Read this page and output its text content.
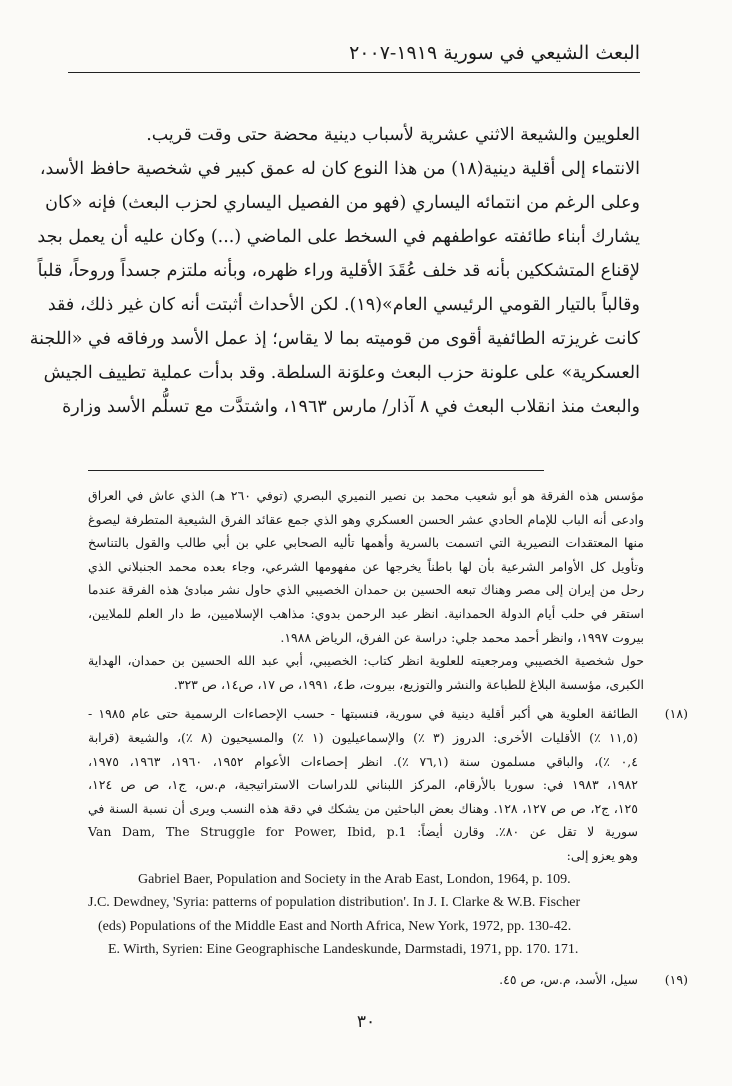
البعث الشيعي في سورية ١٩١٩-٢٠٠٧

العلويين والشيعة الاثني عشرية لأسباب دينية محضة حتى وقت قريب.

الانتماء إلى أقلية دينية(١٨) من هذا النوع كان له عمق كبير في شخصية حافظ الأسد،

وعلى الرغم من انتمائه اليساري (فهو من الفصيل اليساري لحزب البعث) فإنه «كان

يشارك أبناء طائفته عواطفهم في السخط على الماضي (...) وكان عليه أن يعمل بجد

لإقناع المتشككين بأنه قد خلف عُقَدَ الأقلية وراء ظهره، وبأنه ملتزم جسداً وروحاً، قلباً

وقالباً بالتيار القومي الرئيسي العام»(١٩). لكن الأحداث أثبتت أنه كان غير ذلك، فقد

كانت غريزته الطائفية أقوى من قوميته بما لا يقاس؛ إذ عمل الأسد ورفاقه في «اللجنة

العسكرية» على علونة حزب البعث وعلوَنة السلطة. وقد بدأت عملية تطييف الجيش

والبعث منذ انقلاب البعث في ٨ آذار/ مارس ١٩٦٣، واشتدَّت مع تسلُّم الأسد وزارة

مؤسس هذه الفرقة هو أبو شعيب محمد بن نصير النميري البصري (توفي ٢٦٠ هـ) الذي عاش في العراق

وادعى أنه الباب للإمام الحادي عشر الحسن العسكري وهو الذي جمع عقائد الفرق الشيعية المتطرفة ليصوغ

منها المعتقدات النصيرية التي اتسمت بالسرية وأهمها تأليه الصحابي علي بن أبي طالب والقول بالتناسخ

وتأويل كل الأوامر الشرعية بأن لها باطناً يخرجها عن مفهومها الشرعي، وجاء بعده محمد الجنبلاني الذي

رحل من إيران إلى مصر وهناك تبعه الحسين بن حمدان الخصيبي الذي حاول نشر مبادئ هذه الفرقة عندما

استقر في حلب أيام الدولة الحمدانية. انظر عبد الرحمن بدوي: مذاهب الإسلاميين، ط دار العلم للملايين،

بيروت ١٩٩٧، وانظر أحمد محمد جلي: دراسة عن الفرق، الرياض ١٩٨٨.

حول شخصية الخصيبي ومرجعيته للعلوية انظر كتاب: الخصيبي، أبي عبد الله الحسين بن حمدان، الهداية

الكبرى، مؤسسة البلاغ للطباعة والنشر والتوزيع، بيروت، ط٤، ١٩٩١، ص ١٧، ص١٤، ص ٣٢٣.

(١٨)

الطائفة العلوية هي أكبر أقلية دينية في سورية، فنسبتها - حسب الإحصاءات الرسمية حتى عام ١٩٨٥ -

(١١,٥ ٪) الأقليات الأخرى: الدروز (٣ ٪) والإسماعيليون (١ ٪) والمسيحيون (٨ ٪)، والشيعة (قرابة

٠,٤ ٪)، والباقي مسلمون سنة (٧٦,١ ٪). انظر إحصاءات الأعوام ١٩٥٢، ١٩٦٠، ١٩٦٣، ١٩٧٥،

١٩٨٢، ١٩٨٣ في: سوريا بالأرقام، المركز اللبناني للدراسات الاستراتيجية، م.س، ج١، ص ص ١٢٤،

١٢٥، ج٢، ص ص ١٢٧، ١٢٨. وهناك بعض الباحثين من يشكك في دقة هذه النسب ويرى أن نسبة السنة في

سورية لا تقل عن ٨٠٪. وقارن أيضاً: Van Dam, The Struggle for Power, Ibid, p.1

وهو يعزو إلى:

Gabriel Baer, Population and Society in the Arab East, London, 1964, p. 109.

J.C. Dewdney, 'Syria: patterns of population distribution'. In J. I. Clarke & W.B. Fischer

(eds) Populations of the Middle East and North Africa, New York, 1972, pp. 130-42.

E. Wirth, Syrien: Eine Geographische Landeskunde, Darmstadi, 1971, pp. 170. 171.

(١٩)

سيل، الأسد، م.س، ص ٤٥.

٣٠
